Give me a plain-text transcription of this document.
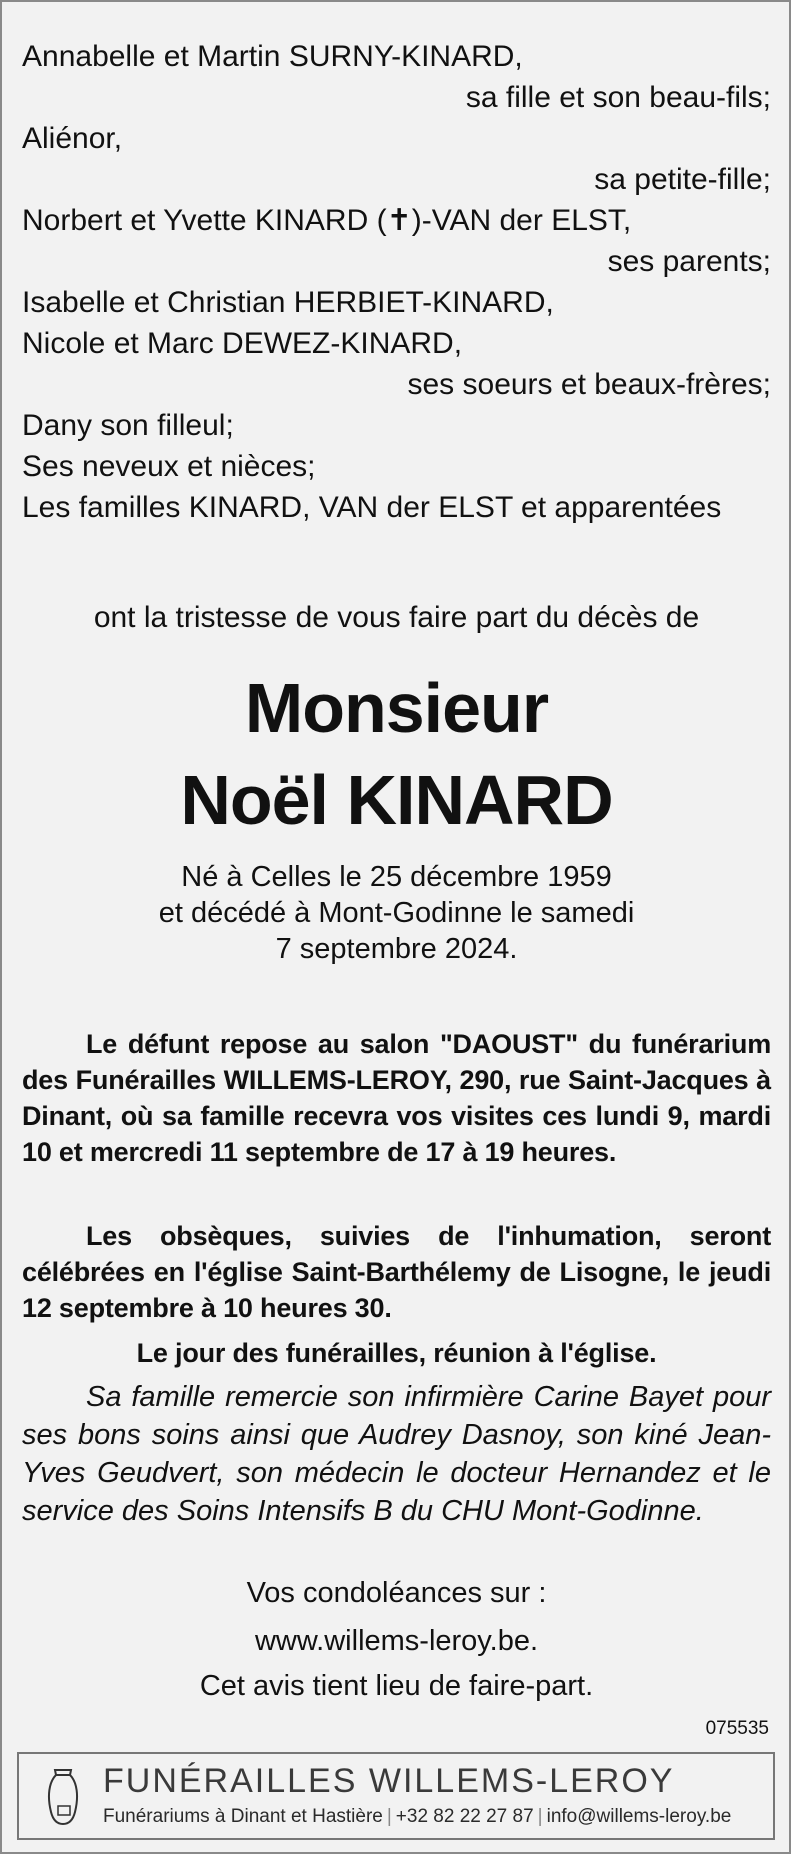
Annabelle et Martin SURNY-KINARD,
sa fille et son beau-fils;
Aliénor,
sa petite-fille;
Norbert et Yvette KINARD (✝)-VAN der ELST,
ses parents;
Isabelle et Christian HERBIET-KINARD,
Nicole et Marc DEWEZ-KINARD,
ses soeurs et beaux-frères;
Dany son filleul;
Ses neveux et nièces;
Les familles KINARD, VAN der ELST et apparentées
ont la tristesse de vous faire part du décès de
Monsieur
Noël KINARD
Né à Celles le 25 décembre 1959
et décédé à Mont-Godinne le samedi
7 septembre 2024.
Le défunt repose au salon "DAOUST" du funérarium des Funérailles WILLEMS-LEROY, 290, rue Saint-Jacques à Dinant, où sa famille recevra vos visites ces lundi 9, mardi 10 et mercredi 11 septembre de 17 à 19 heures.
Les obsèques, suivies de l'inhumation, seront célébrées en l'église Saint-Barthélemy de Lisogne, le jeudi 12 septembre à 10 heures 30.
Le jour des funérailles, réunion à l'église.
Sa famille remercie son infirmière Carine Bayet pour ses bons soins ainsi que Audrey Dasnoy, son kiné Jean-Yves Geudvert, son médecin le docteur Hernandez et le service des Soins Intensifs B du CHU Mont-Godinne.
Vos condoléances sur :
www.willems-leroy.be.
Cet avis tient lieu de faire-part.
075535
FUNÉRAILLES WILLEMS-LEROY
Funérariums à Dinant et Hastière | +32 82 22 27 87 | info@willems-leroy.be
